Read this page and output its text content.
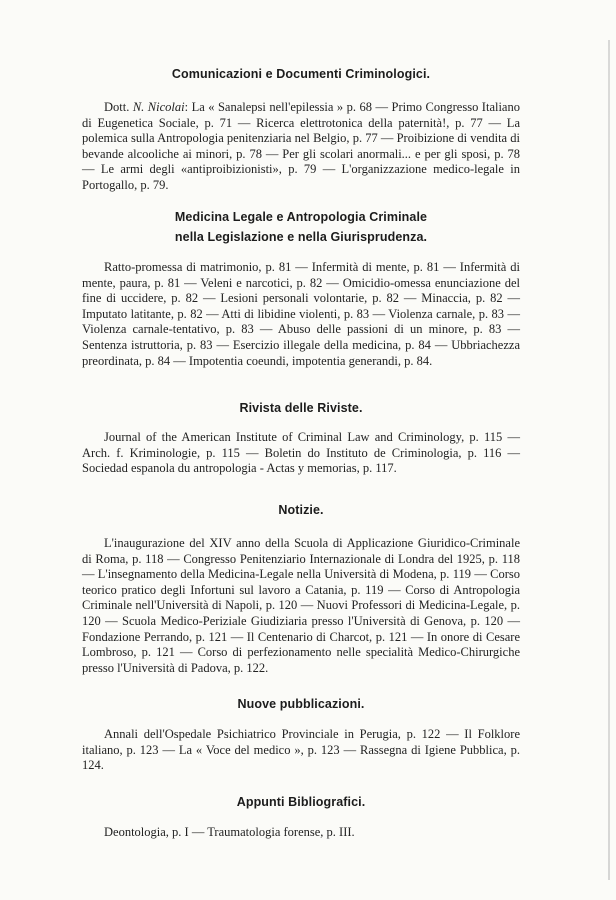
Comunicazioni e Documenti Criminologici.

Dott. N. Nicolai: La « Sanalepsi nell'epilessia » p. 68 — Primo Congresso Italiano di Eugenetica Sociale, p. 71 — Ricerca elettrotonica della paternità!, p. 77 — La polemica sulla Antropologia penitenziaria nel Belgio, p. 77 — Proibizione di vendita di bevande alcooliche ai minori, p. 78 — Per gli scolari anormali... e per gli sposi, p. 78 — Le armi degli «antiproibizionisti», p. 79 — L'organizzazione medico-legale in Portogallo, p. 79.

Medicina Legale e Antropologia Criminale
nella Legislazione e nella Giurisprudenza.

Ratto-promessa di matrimonio, p. 81 — Infermità di mente, p. 81 — Infermità di mente, paura, p. 81 — Veleni e narcotici, p. 82 — Omicidio-omessa enunciazione del fine di uccidere, p. 82 — Lesioni personali volontarie, p. 82 — Minaccia, p. 82 — Imputato latitante, p. 82 — Atti di libidine violenti, p. 83 — Violenza carnale, p. 83 — Violenza carnale-tentativo, p. 83 — Abuso delle passioni di un minore, p. 83 — Sentenza istruttoria, p. 83 — Esercizio illegale della medicina, p. 84 — Ubbriachezza preordinata, p. 84 — Impotentia coeundi, impotentia generandi, p. 84.

Rivista delle Riviste.

Journal of the American Institute of Criminal Law and Criminology, p. 115 — Arch. f. Kriminologie, p. 115 — Boletin do Instituto de Criminologia, p. 116 — Sociedad espanola du antropologia - Actas y memorias, p. 117.

Notizie.

L'inaugurazione del XIV anno della Scuola di Applicazione Giuridico-Criminale di Roma, p. 118 — Congresso Penitenziario Internazionale di Londra del 1925, p. 118 — L'insegnamento della Medicina-Legale nella Università di Modena, p. 119 — Corso teorico pratico degli Infortuni sul lavoro a Catania, p. 119 — Corso di Antropologia Criminale nell'Università di Napoli, p. 120 — Nuovi Professori di Medicina-Legale, p. 120 — Scuola Medico-Periziale Giudiziaria presso l'Università di Genova, p. 120 — Fondazione Perrando, p. 121 — Il Centenario di Charcot, p. 121 — In onore di Cesare Lombroso, p. 121 — Corso di perfezionamento nelle specialità Medico-Chirurgiche presso l'Università di Padova, p. 122.

Nuove pubblicazioni.

Annali dell'Ospedale Psichiatrico Provinciale in Perugia, p. 122 — Il Folklore italiano, p. 123 — La « Voce del medico », p. 123 — Rassegna di Igiene Pubblica, p. 124.

Appunti Bibliografici.

Deontologia, p. I — Traumatologia forense, p. III.
